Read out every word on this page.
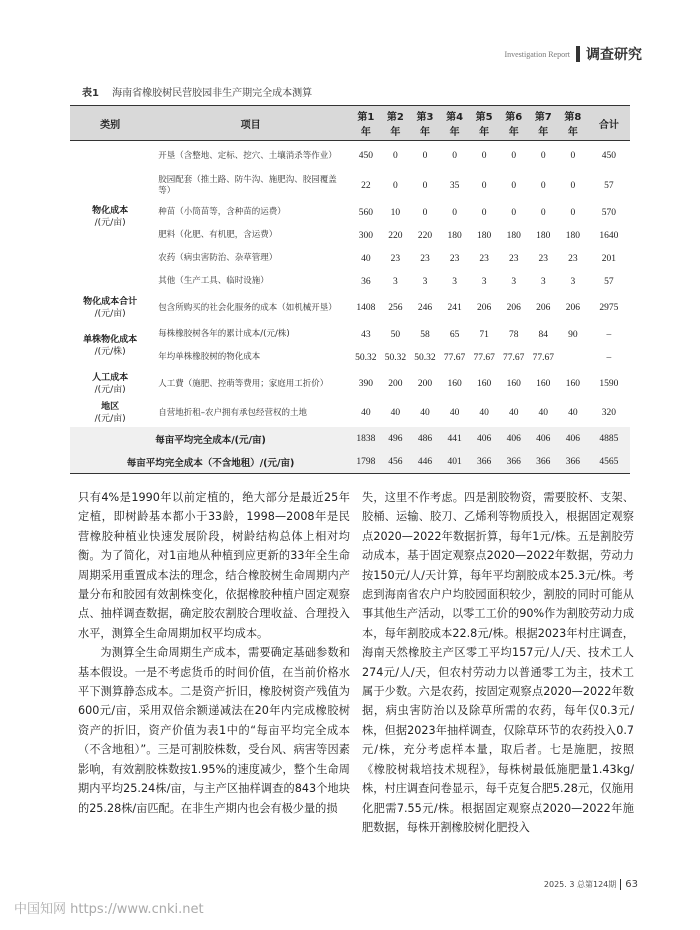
Investigation Report 调查研究
表1 海南省橡胶树民营胶园非生产期完全成本测算
类别	项目	第1年	第2年	第3年	第4年	第5年	第6年	第7年	第8年	合计
物化成本
/(元/亩)	开垦（含整地、定标、挖穴、土壤消杀等作业）	450	0	0	0	0	0	0	0	450
	胶园配套（推土路、防牛沟、施肥沟、胶园覆盖等）	22	0	0	35	0	0	0	0	57
	种苗（小筒苗等，含种苗的运费）	560	10	0	0	0	0	0	0	570
	肥料（化肥、有机肥，含运费）	300	220	220	180	180	180	180	180	1640
	农药（病虫害防治、杂草管理）	40	23	23	23	23	23	23	23	201
	其他（生产工具、临时设施）	36	3	3	3	3	3	3	3	57
物化成本合计
/(元/亩)	包含所购买的社会化服务的成本（如机械开垦）	1408	256	246	241	206	206	206	206	2975
单株物化成本
/(元/株)	每株橡胶树各年的累计成本/(元/株)	43	50	58	65	71	78	84	90	–
	年均单株橡胶树的物化成本	50.32	50.32	50.32	77.67	77.67	77.67	77.67		–
人工成本
/(元/亩)	人工費（施肥、控萌等费用；家庭用工折价）	390	200	200	160	160	160	160	160	1590
地区
/(元/亩)	自营地折租–农户拥有承包经营权的土地	40	40	40	40	40	40	40	40	320
每亩平均完全成本/(元/亩)		1838	496	486	441	406	406	406	406	4885
每亩平均完全成本（不含地租）/(元/亩)		1798	456	446	401	366	366	366	366	4565

只有4%是1990年以前定植的，绝大部分是最近25年定植，即树龄基本都小于33龄，1998—2008年是民营橡胶种植业快速发展阶段，树龄结构总体上相对均衡。为了简化，对1亩地从种植到应更新的33年全生命周期采用重置成本法的理念，结合橡胶树生命周期内产量分布和胶园有效割株变化，依据橡胶种植户固定观察点、抽样调查数据，确定胶农割胶合理收益、合理投入水平，测算全生命周期加权平均成本。

为测算全生命周期生产成本，需要确定基础参数和基本假设。一是不考虑货币的时间价值，在当前价格水平下测算静态成本。二是资产折旧，橡胶树资产残值为600元/亩，采用双倍余额递减法在20年内完成橡胶树资产的折旧，资产价值为表1中的“每亩平均完全成本（不含地租）”。三是可割胶株数，受台风、病害等因素影响，有效割胶株数按1.95%的速度减少，整个生命周期内平均25.24株/亩，与主产区抽样调查的843个地块的25.28株/亩匹配。在非生产期内也会有极少量的损

失，这里不作考虑。四是割胶物资，需要胶杯、支架、胶桶、运输、胶刀、乙烯利等物质投入，根据固定观察点2020—2022年数据折算，每年1元/株。五是割胶劳动成本，基于固定观察点2020—2022年数据，劳动力按150元/人/天计算，每年平均割胶成本25.3元/株。考虑到海南省农户户均胶园面积较少，割胶的同时可能从事其他生产活动，以零工工价的90%作为割胶劳动力成本，每年割胶成本22.8元/株。根据2023年村庄调查，海南天然橡胶主产区零工平均157元/人/天、技术工人274元/人/天，但农村劳动力以普通零工为主，技术工属于少数。六是农药，按固定观察点2020—2022年数据，病虫害防治以及除草所需的农药，每年仅0.3元/株，但据2023年抽样调查，仅除草环节的农药投入0.7元/株，充分考虑样本量，取后者。七是施肥，按照《橡胶树栽培技术规程》，每株树最低施肥量1.43kg/株，村庄调查问卷显示，每千克复合肥5.28元，仅施用化肥需7.55元/株。根据固定观察点2020—2022年施肥数据，每株开割橡胶树化肥投入

2025. 3 总第124期 63
中国知网 https://www.cnki.net
